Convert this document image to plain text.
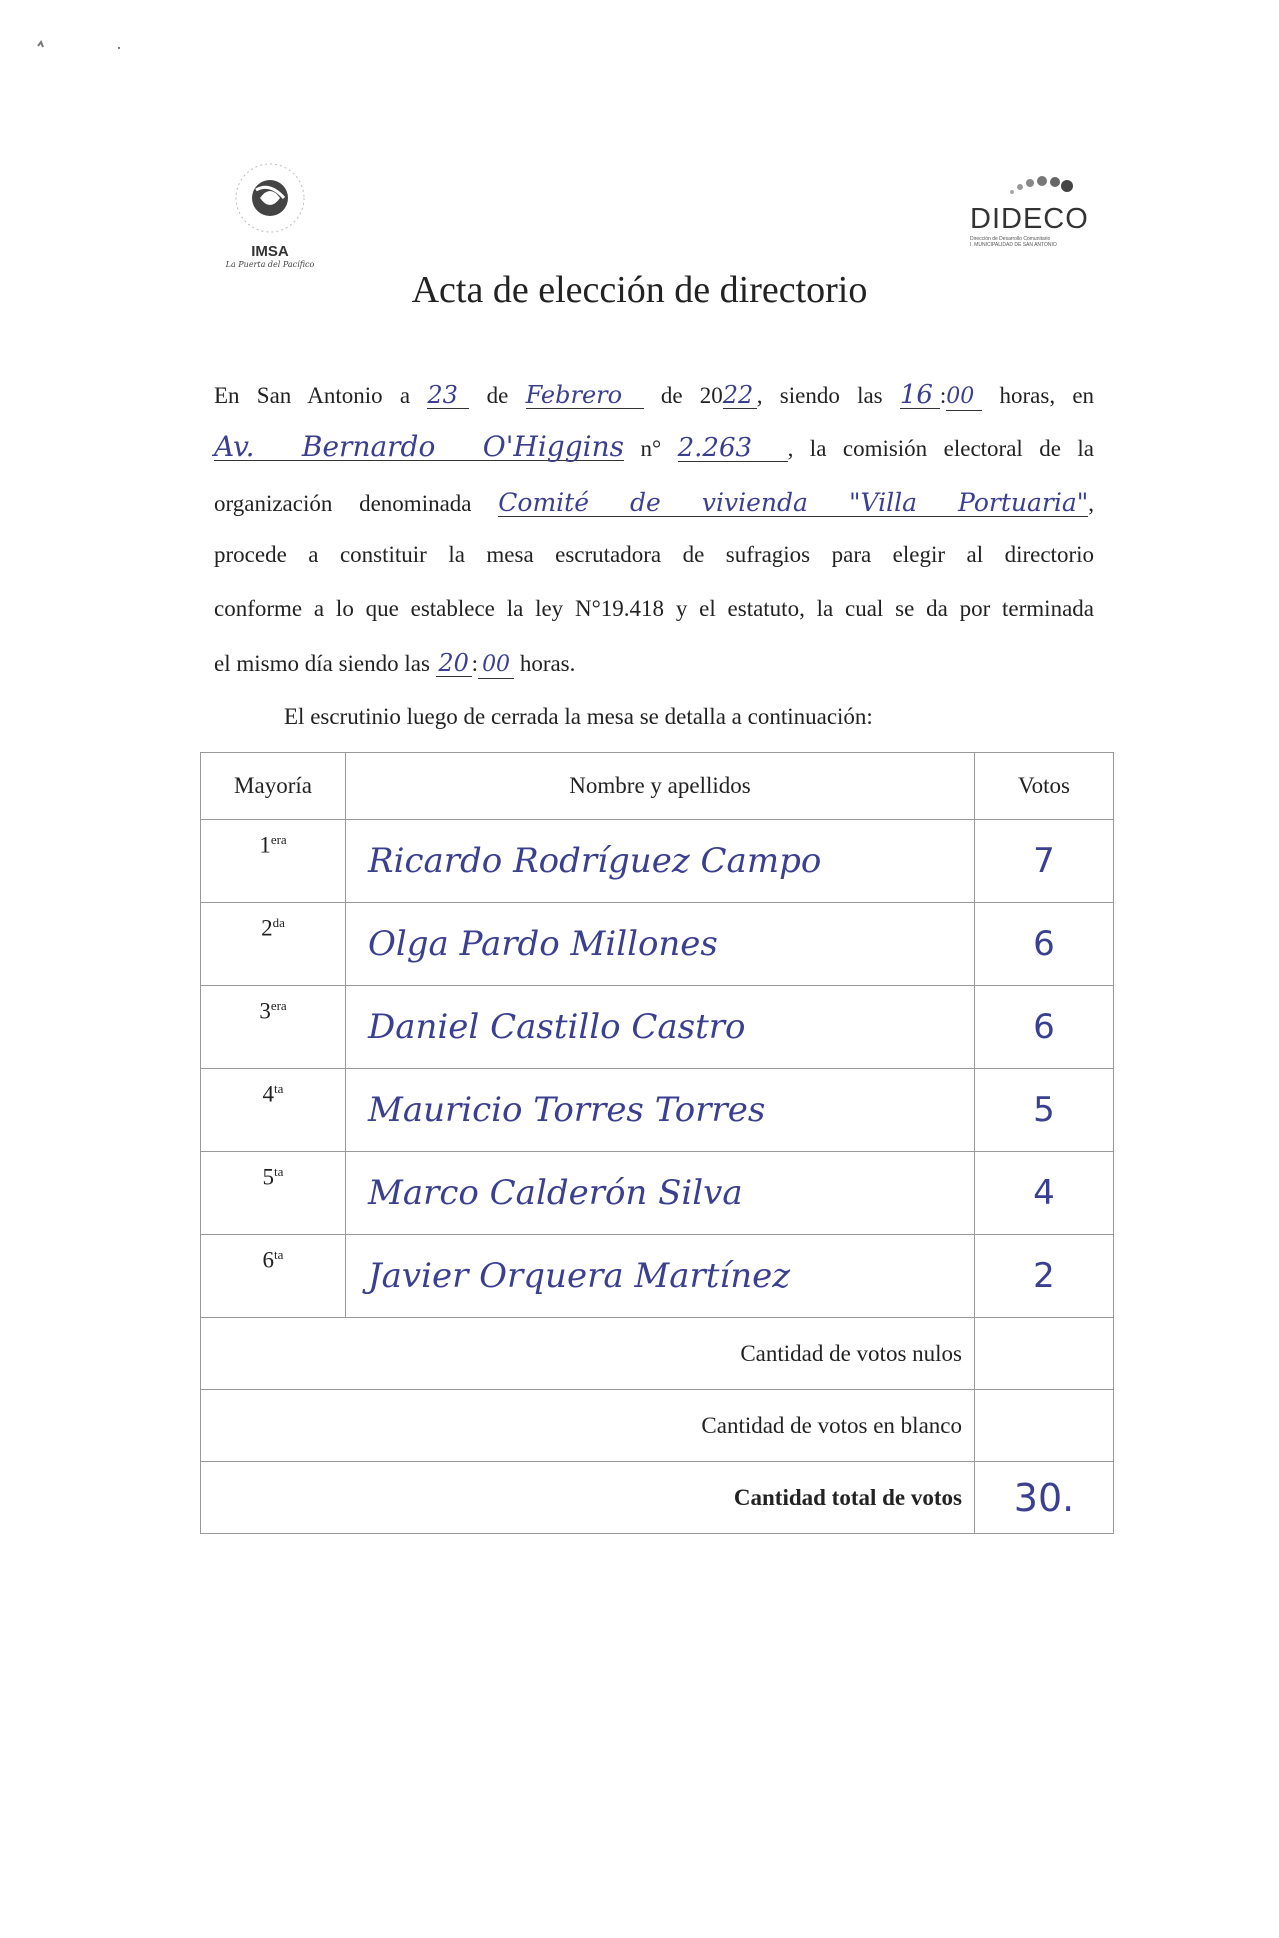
IMSA
La Puerta del Pacífico
DIDECO
Dirección de Desarrollo Comunitario
I. MUNICIPALIDAD DE SAN ANTONIO
Acta de elección de directorio
En San Antonio a 23 de Febrero de 2022 , siendo las 16 :00 horas, en
Av. Bernardo O'Higgins n° 2.263 , la comisión electoral de la
organización denominada Comité de vivienda "Villa Portuaria",
procede a constituir la mesa escrutadora de sufragios para elegir al directorio
conforme a lo que establece la ley N°19.418 y el estatuto, la cual se da por terminada
el mismo día siendo las 20 : 00 horas.
El escrutinio luego de cerrada la mesa se detalla a continuación:
Mayoría	Nombre y apellidos	Votos
$1^{era}$	Ricardo Rodríguez Campo	7
$2^{da}$	Olga Pardo Millones	6
$3^{era}$	Daniel Castillo Castro	6
$4^{ta}$	Mauricio Torres Torres	5
$5^{ta}$	Marco Calderón Silva	4
$6^{ta}$	Javier Orquera Martínez	2
Cantidad de votos nulos		
Cantidad de votos en blanco		
Cantidad total de votos		30.
